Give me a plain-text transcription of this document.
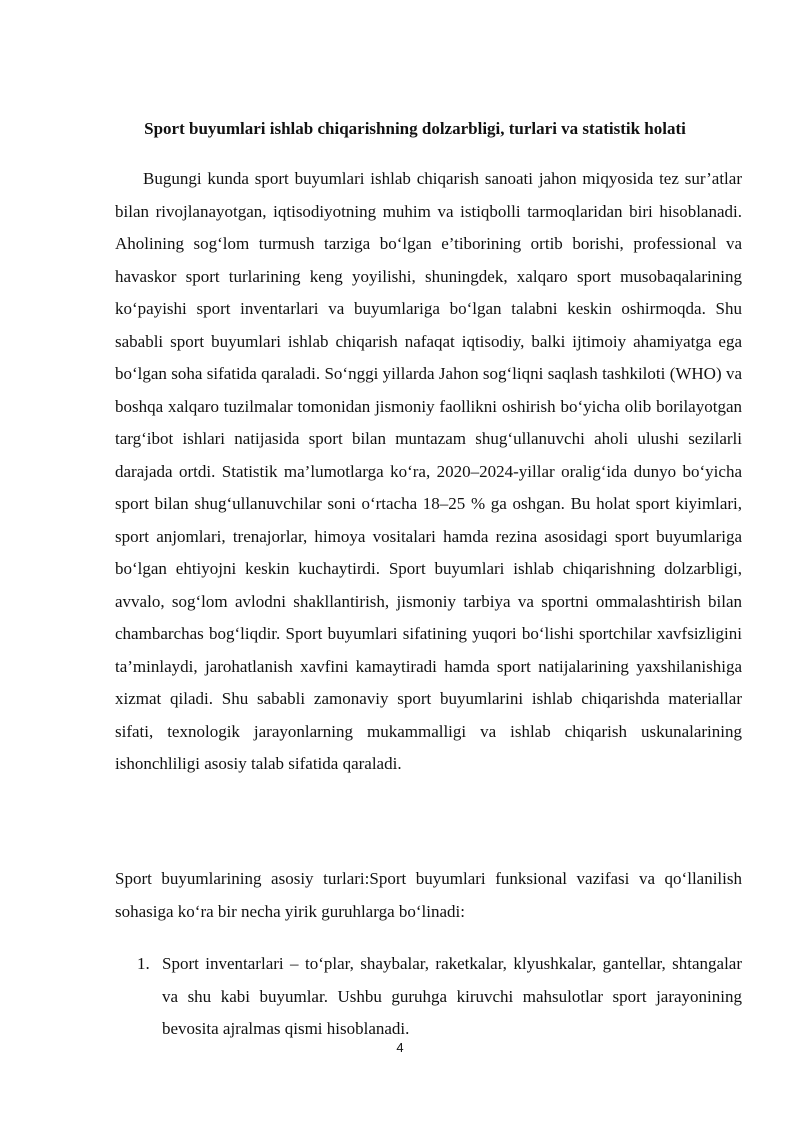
Sport buyumlari ishlab chiqarishning dolzarbligi, turlari va statistik holati

Bugungi kunda sport buyumlari ishlab chiqarish sanoati jahon miqyosida tez sur’atlar bilan rivojlanayotgan, iqtisodiyotning muhim va istiqbolli tarmoqlaridan biri hisoblanadi. Aholining sog‘lom turmush tarziga bo‘lgan e’tiborining ortib borishi, professional va havaskor sport turlarining keng yoyilishi, shuningdek, xalqaro sport musobaqalarining ko‘payishi sport inventarlari va buyumlariga bo‘lgan talabni keskin oshirmoqda. Shu sababli sport buyumlari ishlab chiqarish nafaqat iqtisodiy, balki ijtimoiy ahamiyatga ega bo‘lgan soha sifatida qaraladi. So‘nggi yillarda Jahon sog‘liqni saqlash tashkiloti (WHO) va boshqa xalqaro tuzilmalar tomonidan jismoniy faollikni oshirish bo‘yicha olib borilayotgan targ‘ibot ishlari natijasida sport bilan muntazam shug‘ullanuvchi aholi ulushi sezilarli darajada ortdi. Statistik ma’lumotlarga ko‘ra, 2020–2024-yillar oralig‘ida dunyo bo‘yicha sport bilan shug‘ullanuvchilar soni o‘rtacha 18–25 % ga oshgan. Bu holat sport kiyimlari, sport anjomlari, trenajorlar, himoya vositalari hamda rezina asosidagi sport buyumlariga bo‘lgan ehtiyojni keskin kuchaytirdi. Sport buyumlari ishlab chiqarishning dolzarbligi, avvalo, sog‘lom avlodni shakllantirish, jismoniy tarbiya va sportni ommalashtirish bilan chambarchas bog‘liqdir. Sport buyumlari sifatining yuqori bo‘lishi sportchilar xavfsizligini ta’minlaydi, jarohatlanish xavfini kamaytiradi hamda sport natijalarining yaxshilanishiga xizmat qiladi. Shu sababli zamonaviy sport buyumlarini ishlab chiqarishda materiallar sifati, texnologik jarayonlarning mukammalligi va ishlab chiqarish uskunalarining ishonchliligi asosiy talab sifatida qaraladi.

Sport buyumlarining asosiy turlari:Sport buyumlari funksional vazifasi va qo‘llanilish sohasiga ko‘ra bir necha yirik guruhlarga bo‘linadi:

1. Sport inventarlari – to‘plar, shaybalar, raketkalar, klyushkalar, gantellar, shtangalar va shu kabi buyumlar. Ushbu guruhga kiruvchi mahsulotlar sport jarayonining bevosita ajralmas qismi hisoblanadi.
4
